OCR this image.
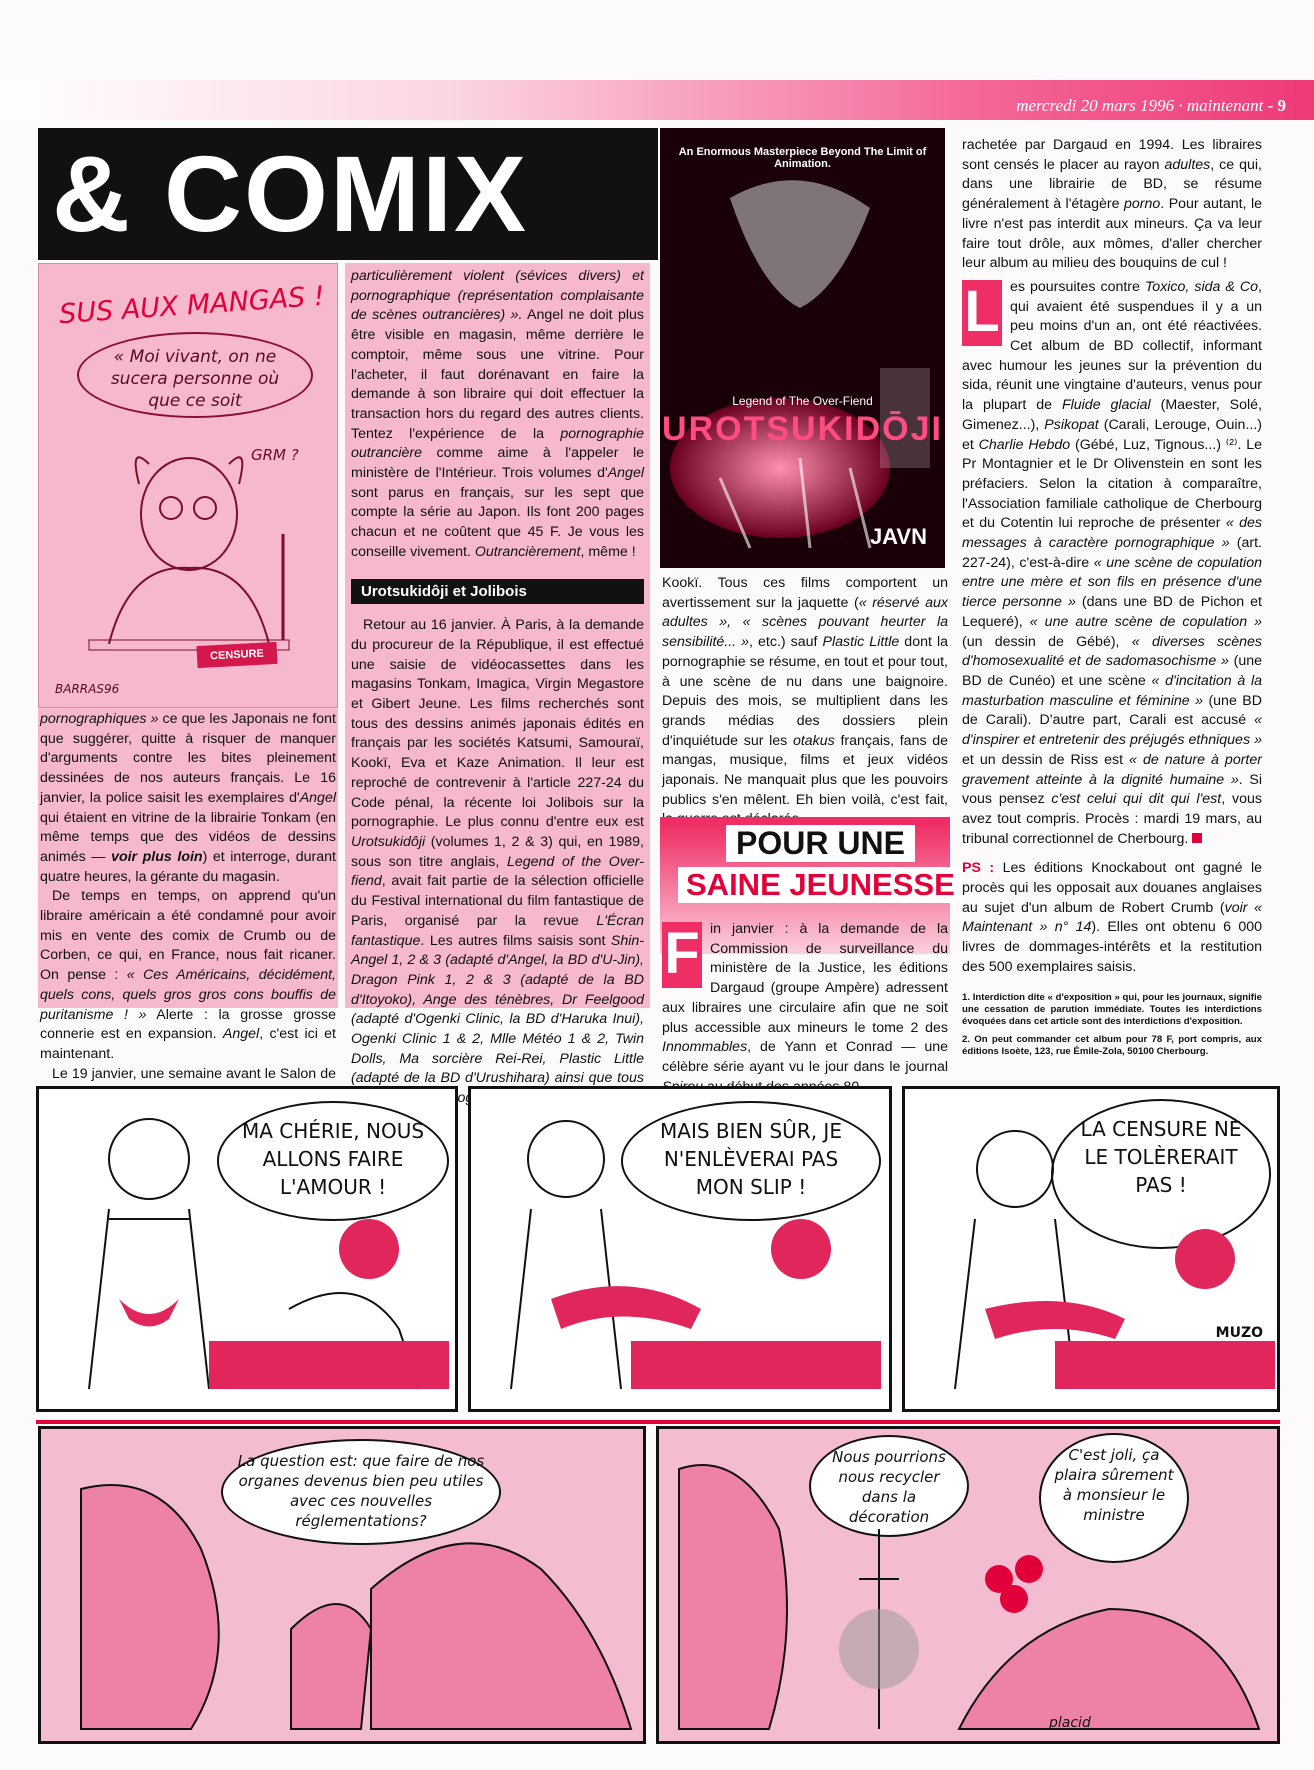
mercredi 20 mars 1996 · maintenant - 9
& COMIX
SUS AUX MANGAS !
« Moi vivant, on ne sucera personne où que ce soit
GRM ?
CENSURE
BARRAS96

pornographiques » ce que les Japonais ne font que suggérer, quitte à risquer de manquer d'arguments contre les bites pleinement dessinées de nos auteurs français. Le 16 janvier, la police saisit les exemplaires d'Angel qui étaient en vitrine de la librairie Tonkam (en même temps que des vidéos de dessins animés — voir plus loin) et interroge, durant quatre heures, la gérante du magasin.

De temps en temps, on apprend qu'un libraire américain a été condamné pour avoir mis en vente des comix de Crumb ou de Corben, ce qui, en France, nous fait ricaner. On pense : « Ces Américains, décidément, quels cons, quels gros gros cons bouffis de puritanisme ! » Alerte : la grosse grosse connerie est en expansion. Angel, c'est ici et maintenant.

Le 19 janvier, une semaine avant le Salon de

particulièrement violent (sévices divers) et pornographique (représentation complaisante de scènes outrancières) ». Angel ne doit plus être visible en magasin, même derrière le comptoir, même sous une vitrine. Pour l'acheter, il faut dorénavant en faire la demande à son libraire qui doit effectuer la transaction hors du regard des autres clients. Tentez l'expérience de la pornographie outrancière comme aime à l'appeler le ministère de l'Intérieur. Trois volumes d'Angel sont parus en français, sur les sept que compte la série au Japon. Ils font 200 pages chacun et ne coûtent que 45 F. Je vous les conseille vivement. Outrancièrement, même !

Urotsukidôji et Jolibois

Retour au 16 janvier. À Paris, à la demande du procureur de la République, il est effectué une saisie de vidéocassettes dans les magasins Tonkam, Imagica, Virgin Megastore et Gibert Jeune. Les films recherchés sont tous des dessins animés japonais édités en français par les sociétés Katsumi, Samouraï, Kookï, Eva et Kaze Animation. Il leur est reproché de contrevenir à l'article 227-24 du Code pénal, la récente loi Jolibois sur la pornographie. Le plus connu d'entre eux est Urotsukidôji (volumes 1, 2 & 3) qui, en 1989, sous son titre anglais, Legend of the Over-fiend, avait fait partie de la sélection officielle du Festival international du film fantastique de Paris, organisé par la revue L'Écran fantastique. Les autres films saisis sont Shin-Angel 1, 2 & 3 (adapté d'Angel, la BD d'U-Jin), Dragon Pink 1, 2 & 3 (adapté de la BD d'Itoyoko), Ange des ténèbres, Dr Feelgood (adapté d'Ogenki Clinic, la BD d'Haruka Inui), Ogenki Clinic 1 & 2, Mlle Météo 1 & 2, Twin Dolls, Ma sorcière Rei-Rei, Plastic Little (adapté de la BD d'Urushihara) ainsi que tous catalogue

An Enormous Masterpiece Beyond The Limit of Animation.
Legend of The Over-Fiend
UROTSUKIDŌJI
JAVN

Kookï. Tous ces films comportent un avertissement sur la jaquette (« réservé aux adultes », « scènes pouvant heurter la sensibilité... », etc.) sauf Plastic Little dont la pornographie se résume, en tout et pour tout, à une scène de nu dans une baignoire. Depuis des mois, se multiplient dans les grands médias des dossiers plein d'inquiétude sur les otakus français, fans de mangas, musique, films et jeux vidéos japonais. Ne manquait plus que les pouvoirs publics s'en mêlent. Eh bien voilà, c'est fait,

POUR UNE
SAINE JEUNESSE

F in janvier : à la demande de la Commission de surveillance du ministère de la Justice, les éditions Dargaud (groupe Ampère) adressent aux libraires une circulaire afin que ne soit plus accessible aux mineurs le tome 2 des Innommables, de Yann et Conrad — une célèbre série ayant vu le jour dans le journal

rachetée par Dargaud en 1994. Les libraires sont censés le placer au rayon adultes, ce qui, dans une librairie de BD, se résume généralement à l'étagère porno. Pour autant, le livre n'est pas interdit aux mineurs. Ça va leur faire tout drôle, aux mômes, d'aller chercher leur album au milieu des bouquins de cul !

L es poursuites contre Toxico, sida & Co, qui avaient été suspendues il y a un peu moins d'un an, ont été réactivées. Cet album de BD collectif, informant avec humour les jeunes sur la prévention du sida, réunit une vingtaine d'auteurs, venus pour la plupart de Fluide glacial (Maester, Solé, Gimenez...), Psikopat (Carali, Lerouge, Ouin...) et Charlie Hebdo (Gébé, Luz, Tignous...) ⁽²⁾. Le Pr Montagnier et le Dr Olivenstein en sont les préfaciers. Selon la citation à comparaître, l'Association familiale catholique de Cherbourg et du Cotentin lui reproche de présenter « des messages à caractère pornographique » (art. 227-24), c'est-à-dire « une scène de copulation entre une mère et son fils en présence d'une tierce personne » (dans une BD de Pichon et Lequeré), « une autre scène de copulation » (un dessin de Gébé), « diverses scènes d'homosexualité et de sadomasochisme » (une BD de Cunéo) et une scène « d'incitation à la masturbation masculine et féminine » (une BD de Carali). D'autre part, Carali est accusé « d'inspirer et entretenir des préjugés ethniques » et un dessin de Riss est « de nature à porter gravement atteinte à la dignité humaine ». Si vous pensez c'est celui qui dit qui l'est, vous avez tout compris. Procès : mardi 19 mars, au tribunal correctionnel de Cherbourg.

PS : Les éditions Knockabout ont gagné le procès qui les opposait aux douanes anglaises au sujet d'un album de Robert Crumb (voir « Maintenant » n° 14). Elles ont obtenu 6 000 livres de dommages-intérêts et la restitution des 500 exemplaires saisis.

1. Interdiction dite « d'exposition » qui, pour les journaux, signifie une cessation de parution immédiate. Toutes les interdictions évoquées dans cet article sont des interdictions d'exposition.
2. On peut commander cet album pour 78 F, port compris, aux éditions Isoète, 123, rue Émile-Zola, 50100 Cherbourg.
MA CHÉRIE, NOUS ALLONS FAIRE L'AMOUR !
MAIS BIEN SÛR, JE N'ENLÈVERAI PAS MON SLIP !
LA CENSURE NE LE TOLÈRERAIT PAS !
MUZO
La question est: que faire de nos organes devenus bien peu utiles avec ces nouvelles réglementations?
Nous pourrions nous recycler dans la décoration
C'est joli, ça plaira sûrement à monsieur le ministre
placid
